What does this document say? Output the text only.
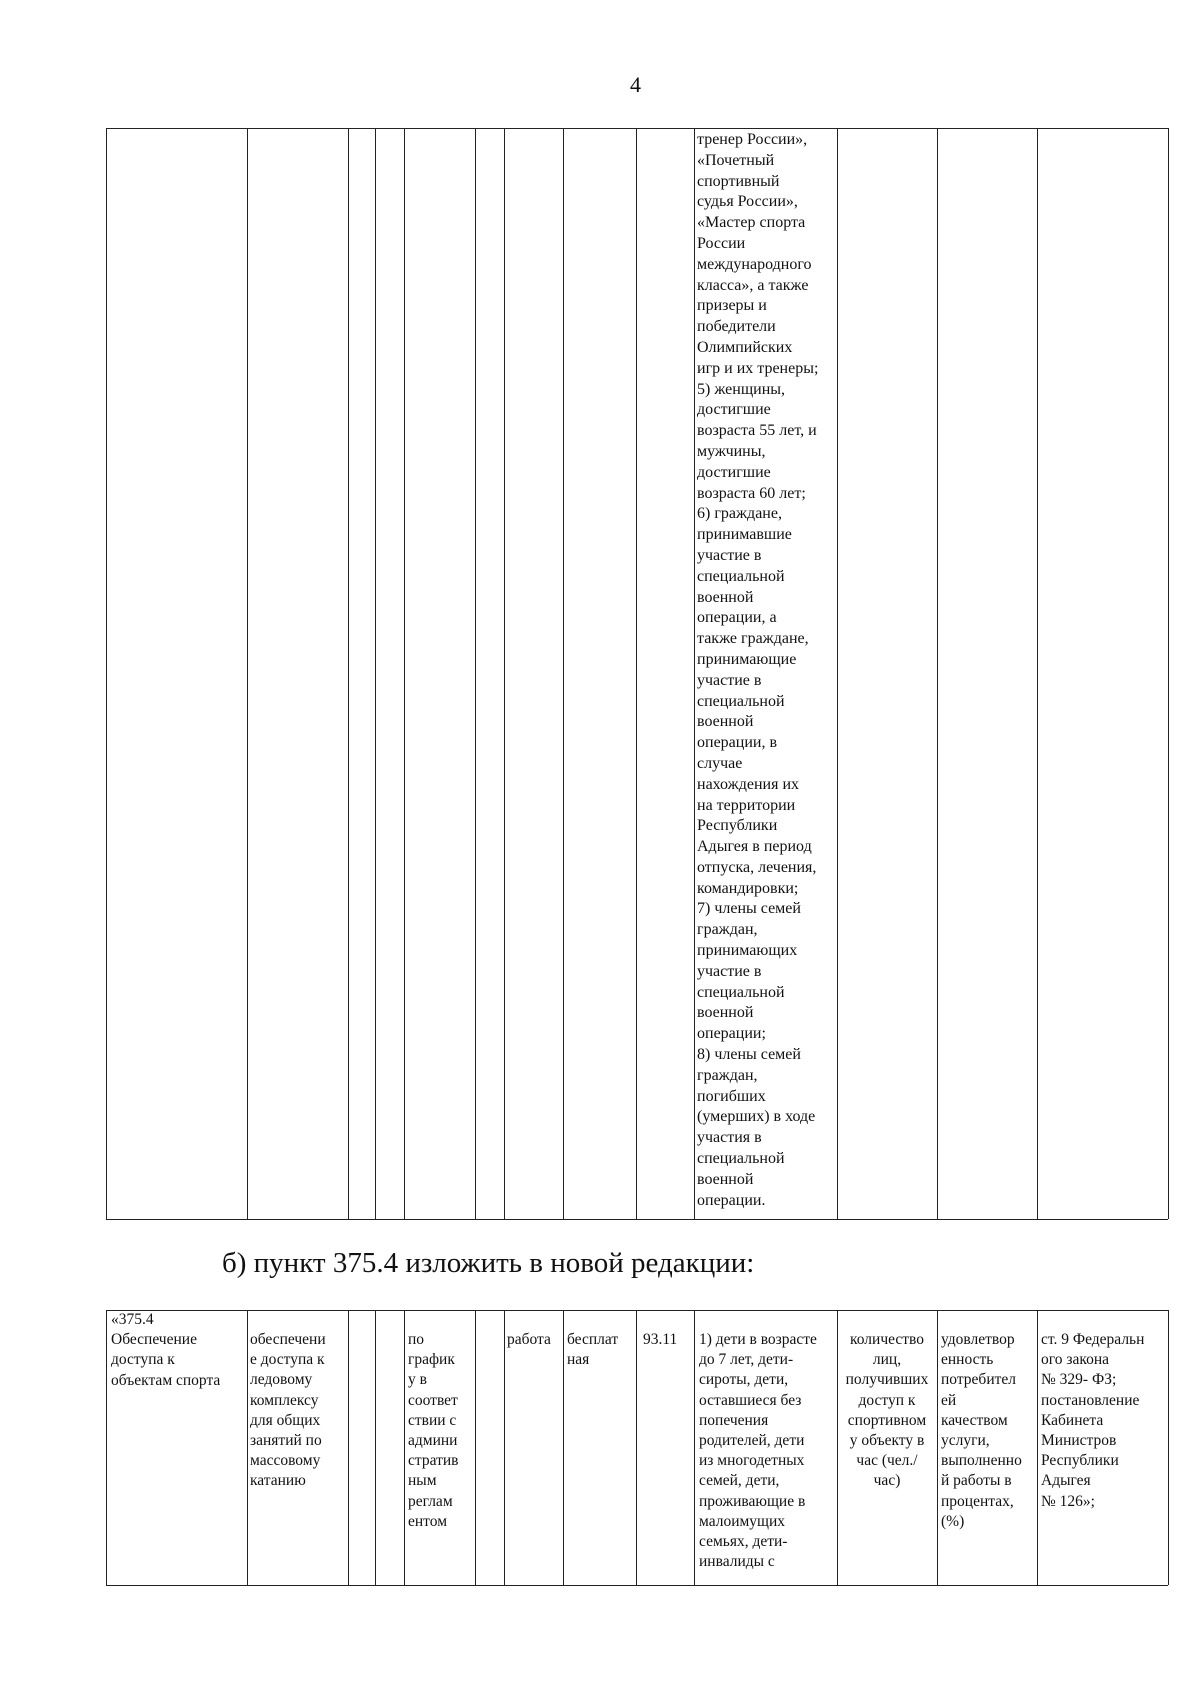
4
тренер России»,
«Почетный
спортивный
судья России»,
«Мастер спорта
России
международного
класса», а также
призеры и
победители
Олимпийских
игр и их тренеры;
5) женщины,
достигшие
возраста 55 лет, и
мужчины,
достигшие
возраста 60 лет;
6) граждане,
принимавшие
участие в
специальной
военной
операции, а
также граждане,
принимающие
участие в
специальной
военной
операции, в
случае
нахождения их
на территории
Республики
Адыгея в период
отпуска, лечения,
командировки;
7) члены семей
граждан,
принимающих
участие в
специальной
военной
операции;
8) члены семей
граждан,
погибших
(умерших) в ходе
участия в
специальной
военной
операции.
б) пункт 375.4 изложить в новой редакции:
«375.4
Обеспечение
доступа к
объектам спорта
обеспечени
е доступа к
ледовому
комплексу
для общих
занятий по
массовому
катанию
по
график
у в
соответ
ствии с
админи
стратив
ным
реглам
ентом
работа бесплат
ная
93.11 1) дети в возрасте
до 7 лет, дети-
сироты, дети,
оставшиеся без
попечения
родителей, дети
из многодетных
семей, дети,
проживающие в
малоимущих
семьях, дети-
инвалиды с
количество
лиц,
получивших
доступ к
спортивном
у объекту в
час (чел./
час)
удовлетвор
енность
потребител
ей
качеством
услуги,
выполненно
й работы в
процентах,
(%)
ст. 9 Федеральн
ого закона
№ 329- ФЗ;
постановление
Кабинета
Министров
Республики
Адыгея
№ 126»;
